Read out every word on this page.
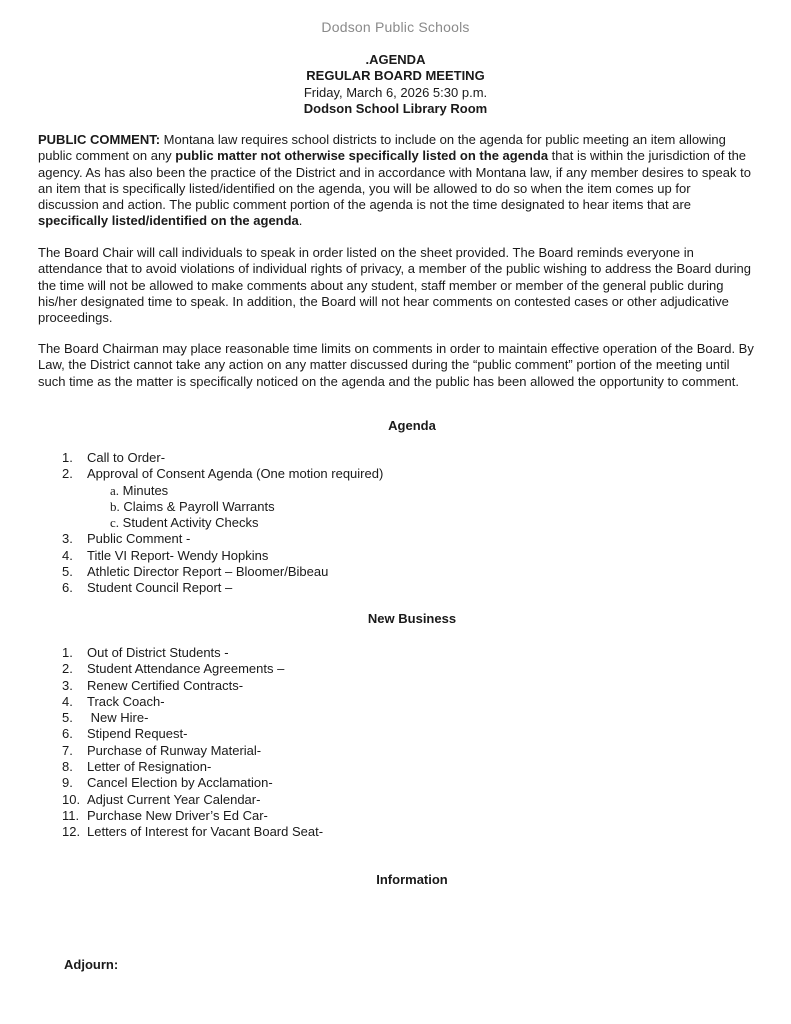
Dodson Public Schools
.AGENDA
REGULAR BOARD MEETING
Friday, March 6, 2026 5:30 p.m.
Dodson School Library Room

PUBLIC COMMENT: Montana law requires school districts to include on the agenda for public meeting an item allowing public comment on any public matter not otherwise specifically listed on the agenda that is within the jurisdiction of the agency. As has also been the practice of the District and in accordance with Montana law, if any member desires to speak to an item that is specifically listed/identified on the agenda, you will be allowed to do so when the item comes up for discussion and action. The public comment portion of the agenda is not the time designated to hear items that are specifically listed/identified on the agenda.

The Board Chair will call individuals to speak in order listed on the sheet provided. The Board reminds everyone in attendance that to avoid violations of individual rights of privacy, a member of the public wishing to address the Board during the time will not be allowed to make comments about any student, staff member or member of the general public during his/her designated time to speak. In addition, the Board will not hear comments on contested cases or other adjudicative proceedings.

The Board Chairman may place reasonable time limits on comments in order to maintain effective operation of the Board. By Law, the District cannot take any action on any matter discussed during the “public comment” portion of the meeting until such time as the matter is specifically noticed on the agenda and the public has been allowed the opportunity to comment.

Agenda
1. Call to Order-
2. Approval of Consent Agenda (One motion required)
a. Minutes
b. Claims & Payroll Warrants
c. Student Activity Checks
3. Public Comment -
4. Title VI Report- Wendy Hopkins
5. Athletic Director Report – Bloomer/Bibeau
6. Student Council Report –
New Business
1. Out of District Students -
2. Student Attendance Agreements –
3. Renew Certified Contracts-
4. Track Coach-
5. New Hire-
6. Stipend Request-
7. Purchase of Runway Material-
8. Letter of Resignation-
9. Cancel Election by Acclamation-
10. Adjust Current Year Calendar-
11. Purchase New Driver’s Ed Car-
12. Letters of Interest for Vacant Board Seat-
Information
Adjourn:
